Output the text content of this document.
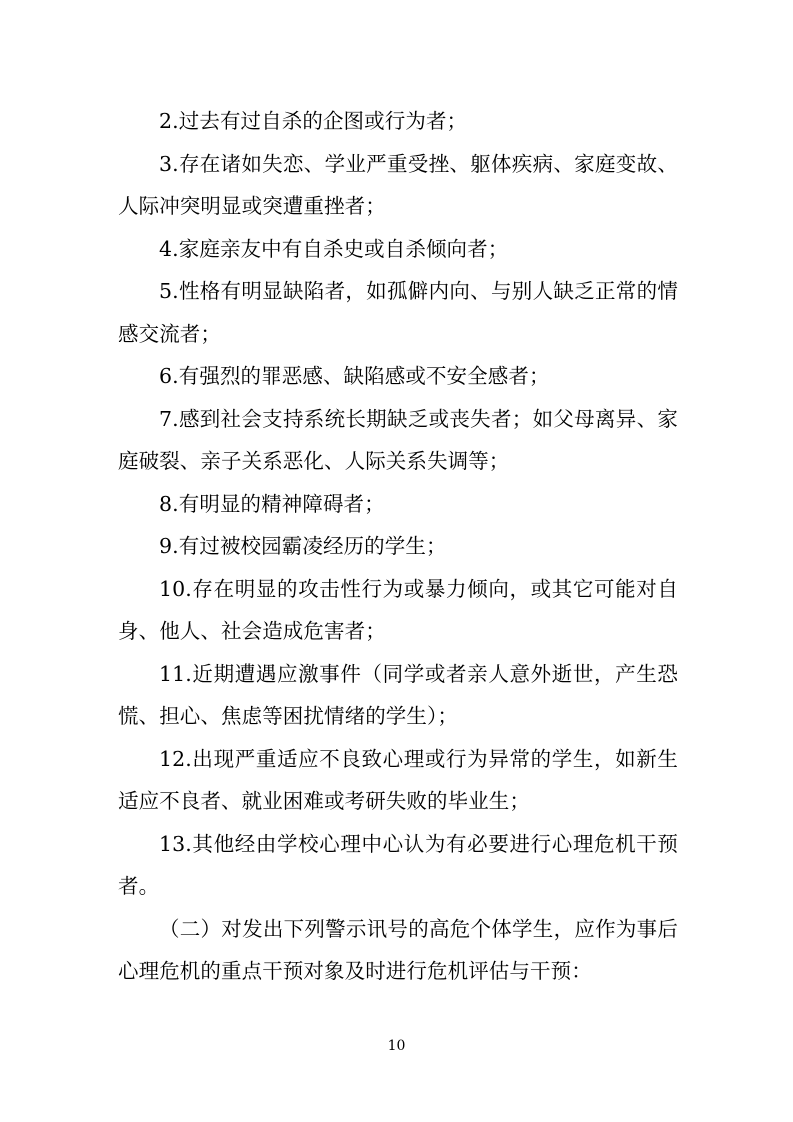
2.过去有过自杀的企图或行为者；

3.存在诸如失恋、学业严重受挫、躯体疾病、家庭变故、人际冲突明显或突遭重挫者；

4.家庭亲友中有自杀史或自杀倾向者；

5.性格有明显缺陷者，如孤僻内向、与别人缺乏正常的情感交流者；

6.有强烈的罪恶感、缺陷感或不安全感者；

7.感到社会支持系统长期缺乏或丧失者；如父母离异、家庭破裂、亲子关系恶化、人际关系失调等；

8.有明显的精神障碍者；

9.有过被校园霸凌经历的学生；

10.存在明显的攻击性行为或暴力倾向，或其它可能对自身、他人、社会造成危害者；

11.近期遭遇应激事件（同学或者亲人意外逝世，产生恐慌、担心、焦虑等困扰情绪的学生）；

12.出现严重适应不良致心理或行为异常的学生，如新生适应不良者、就业困难或考研失败的毕业生；

13.其他经由学校心理中心认为有必要进行心理危机干预者。

（二）对发出下列警示讯号的高危个体学生，应作为事后心理危机的重点干预对象及时进行危机评估与干预：

10
